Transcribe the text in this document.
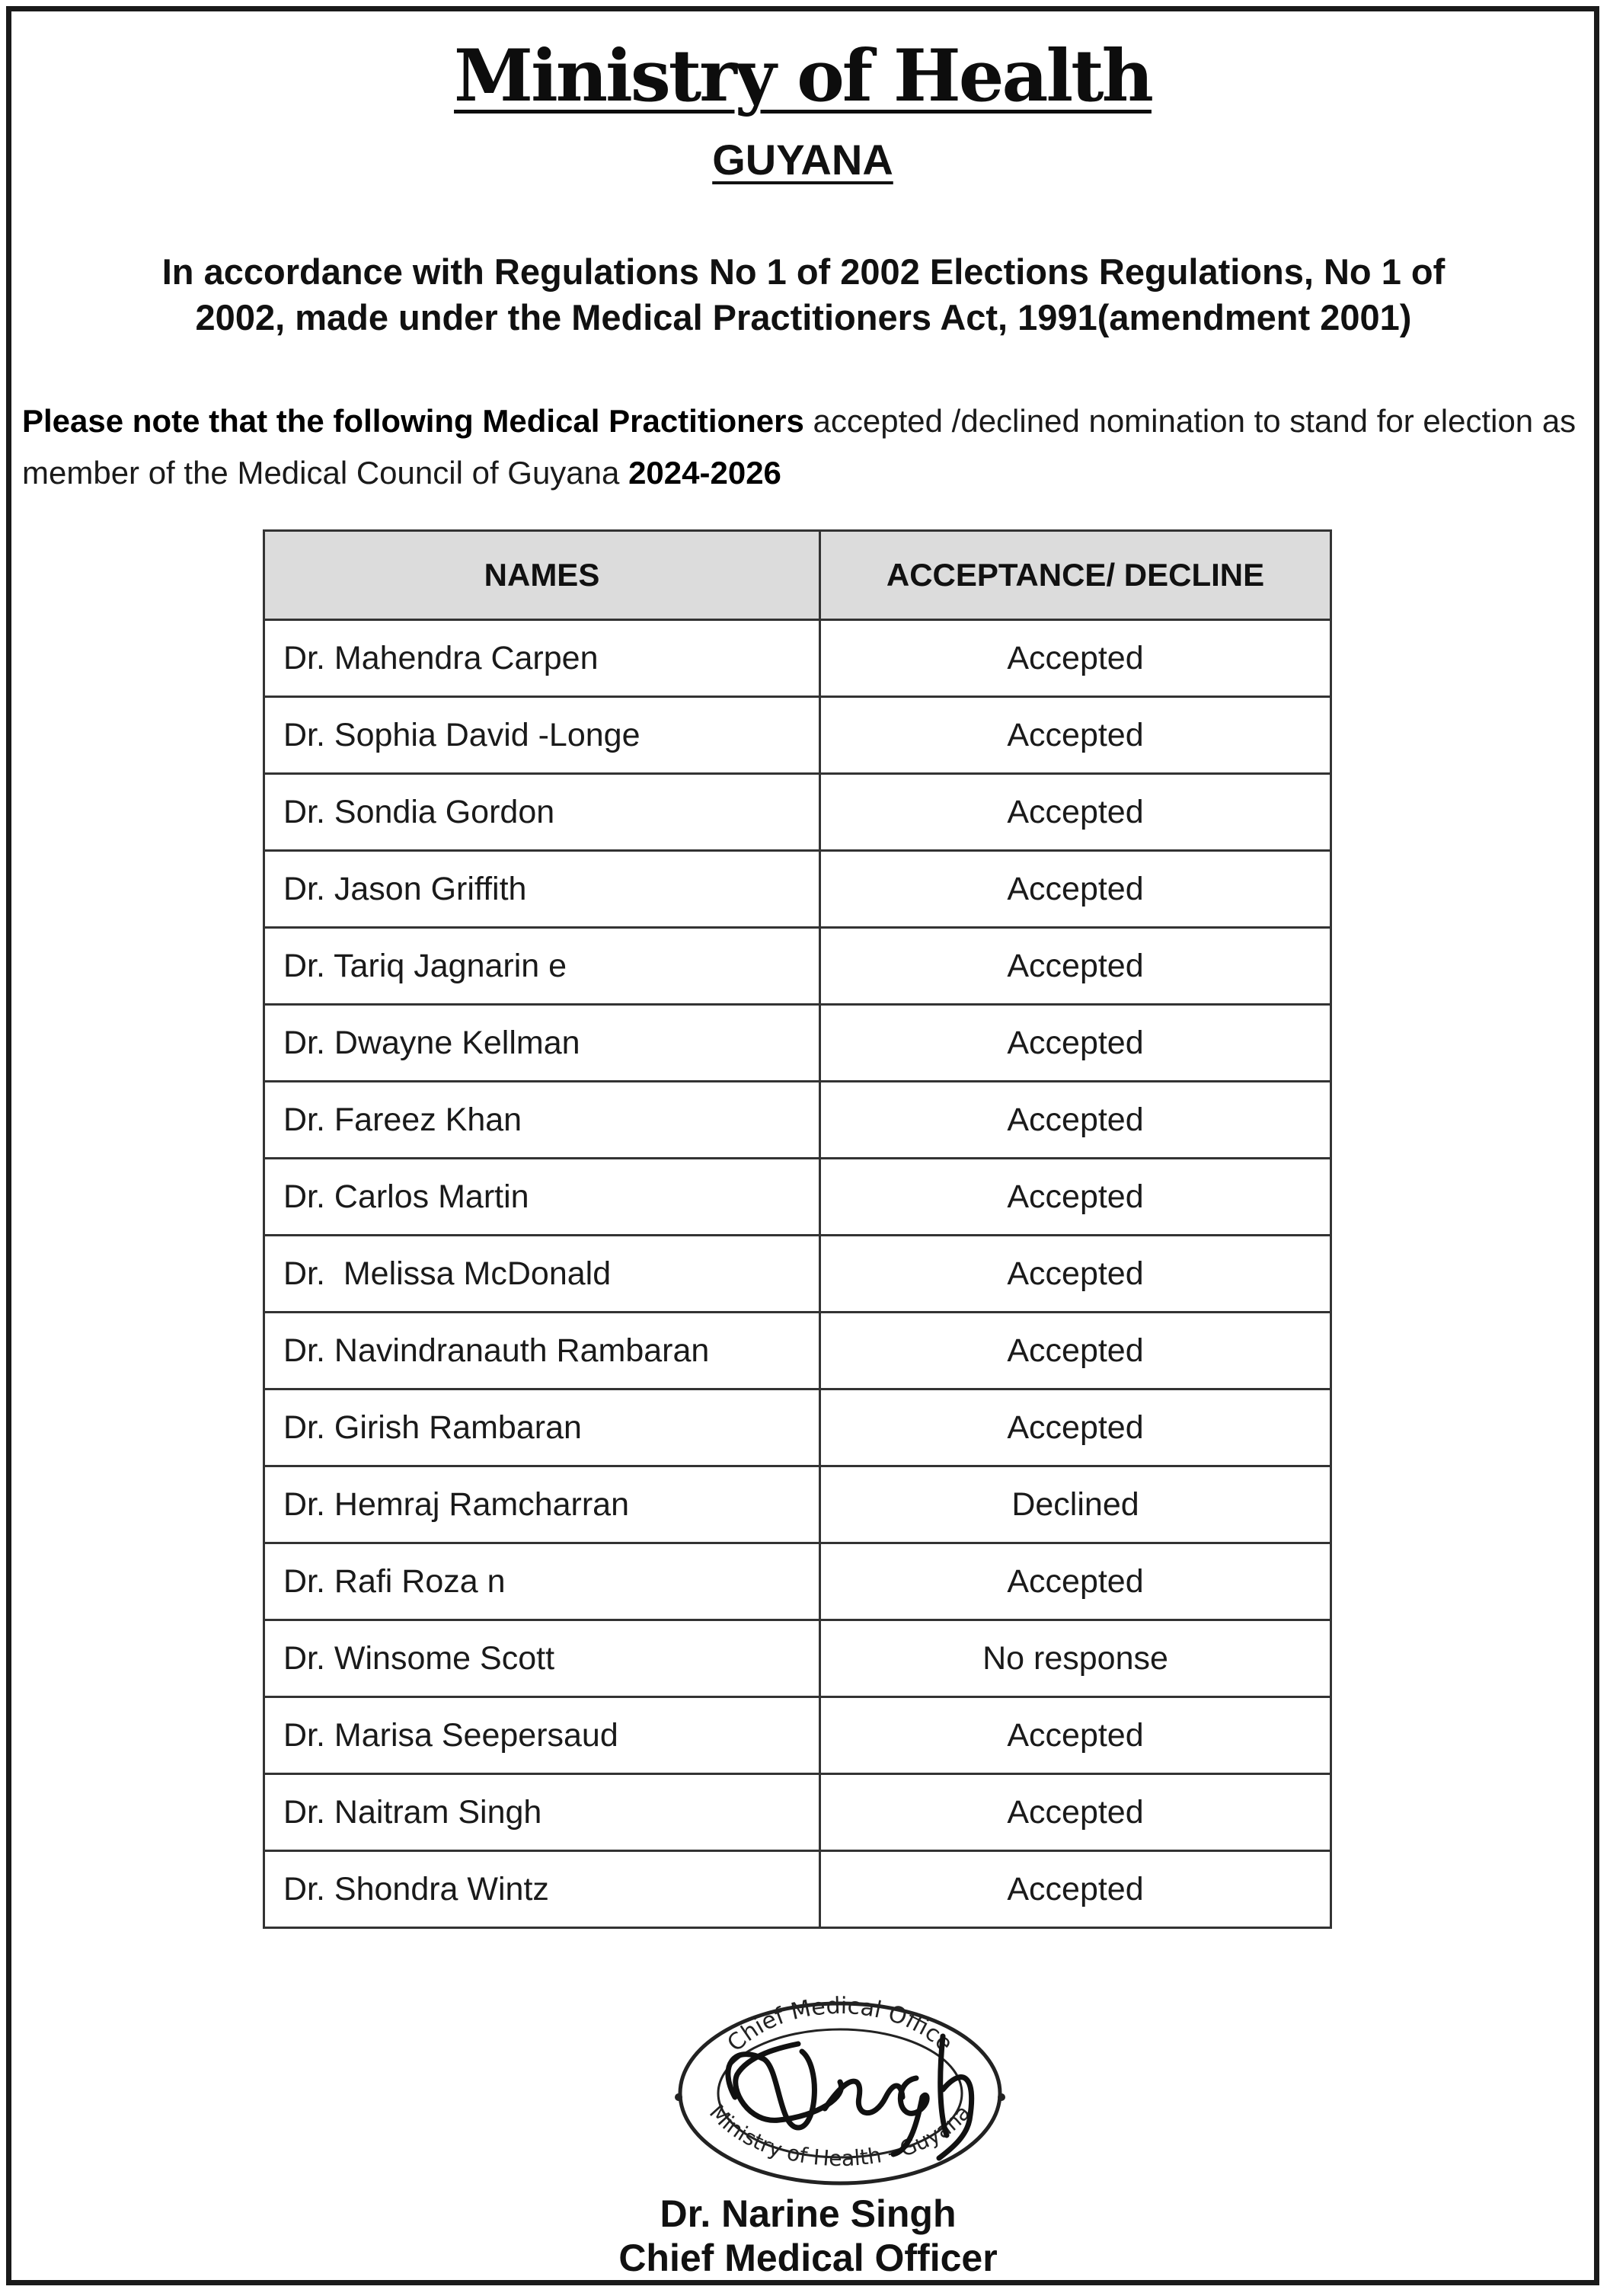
Ministry of Health
GUYANA
In accordance with Regulations No 1 of 2002 Elections Regulations, No 1 of
2002, made under the Medical Practitioners Act, 1991(amendment 2001)
Please note that the following Medical Practitioners accepted /declined nomination to stand for election as member of the Medical Council of Guyana 2024-2026
NAMES	ACCEPTANCE/ DECLINE
Dr. Mahendra Carpen	Accepted
Dr. Sophia David -Longe	Accepted
Dr. Sondia Gordon	Accepted
Dr. Jason Griffith	Accepted
Dr. Tariq Jagnarin e	Accepted
Dr. Dwayne Kellman	Accepted
Dr. Fareez Khan	Accepted
Dr. Carlos Martin	Accepted
Dr.  Melissa McDonald	Accepted
Dr. Navindranauth Rambaran	Accepted
Dr. Girish Rambaran	Accepted
Dr. Hemraj Ramcharran	Declined
Dr. Rafi Roza n	Accepted
Dr. Winsome Scott	No response
Dr. Marisa Seepersaud	Accepted
Dr. Naitram Singh	Accepted
Dr. Shondra Wintz	Accepted
Chief Medical Office
Ministry of Health - Guyana
Dr. Narine Singh
Chief Medical Officer
